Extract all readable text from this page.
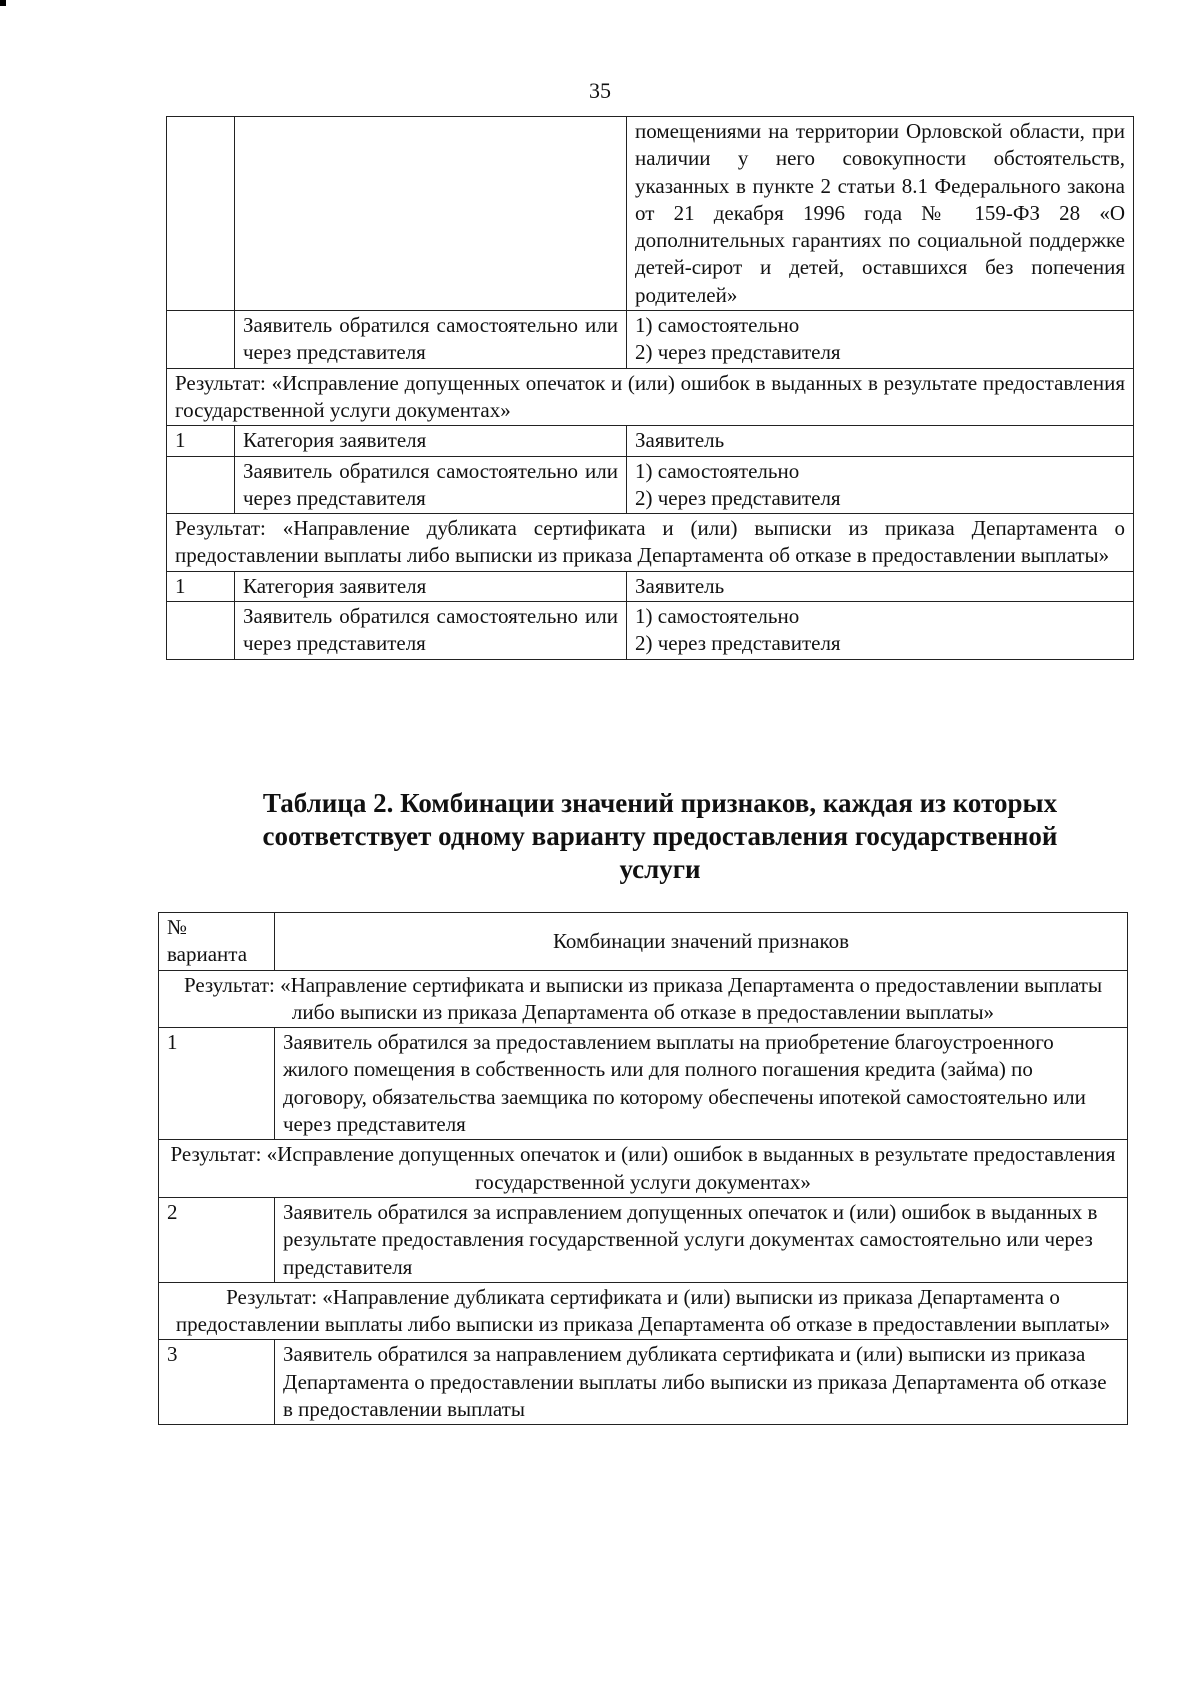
35
		помещениями на территории Орловской области, при наличии у него совокупности обстоятельств, указанных в пункте 2 статьи 8.1 Федерального закона от 21 декабря 1996 года № 159-ФЗ 28 «О дополнительных гарантиях по социальной поддержке детей-сирот и детей, оставшихся без попечения родителей»
	Заявитель обратился самостоятельно или через представителя	1) самостоятельно
2) через представителя

Результат: «Исправление допущенных опечаток и (или) ошибок в выданных в результате предоставления государственной услуги документах»		
1	Категория заявителя	Заявитель
	Заявитель обратился самостоятельно или через представителя	1) самостоятельно
2) через представителя

Результат: «Направление дубликата сертификата и (или) выписки из приказа Департамента о предоставлении выплаты либо выписки из приказа Департамента об отказе в предоставлении выплаты»		
1	Категория заявителя	Заявитель
	Заявитель обратился самостоятельно или через представителя	1) самостоятельно
2) через представителя
Таблица 2. Комбинации значений признаков, каждая из которых соответствует одному варианту предоставления государственной услуги
№ варианта	Комбинации значений признаков
Результат: «Направление сертификата и выписки из приказа Департамента о предоставлении выплаты либо выписки из приказа Департамента об отказе в предоставлении выплаты»	
1	Заявитель обратился за предоставлением выплаты на приобретение благоустроенного жилого помещения в собственность или для полного погашения кредита (займа) по договору, обязательства заемщика по которому обеспечены ипотекой самостоятельно или через представителя
Результат: «Исправление допущенных опечаток и (или) ошибок в выданных в результате предоставления государственной услуги документах»	
2	Заявитель обратился за исправлением допущенных опечаток и (или) ошибок в выданных в результате предоставления государственной услуги документах самостоятельно или через представителя
Результат: «Направление дубликата сертификата и (или) выписки из приказа Департамента о предоставлении выплаты либо выписки из приказа Департамента об отказе в предоставлении выплаты»	
3	Заявитель обратился за направлением дубликата сертификата и (или) выписки из приказа Департамента о предоставлении выплаты либо выписки из приказа Департамента об отказе в предоставлении выплаты
